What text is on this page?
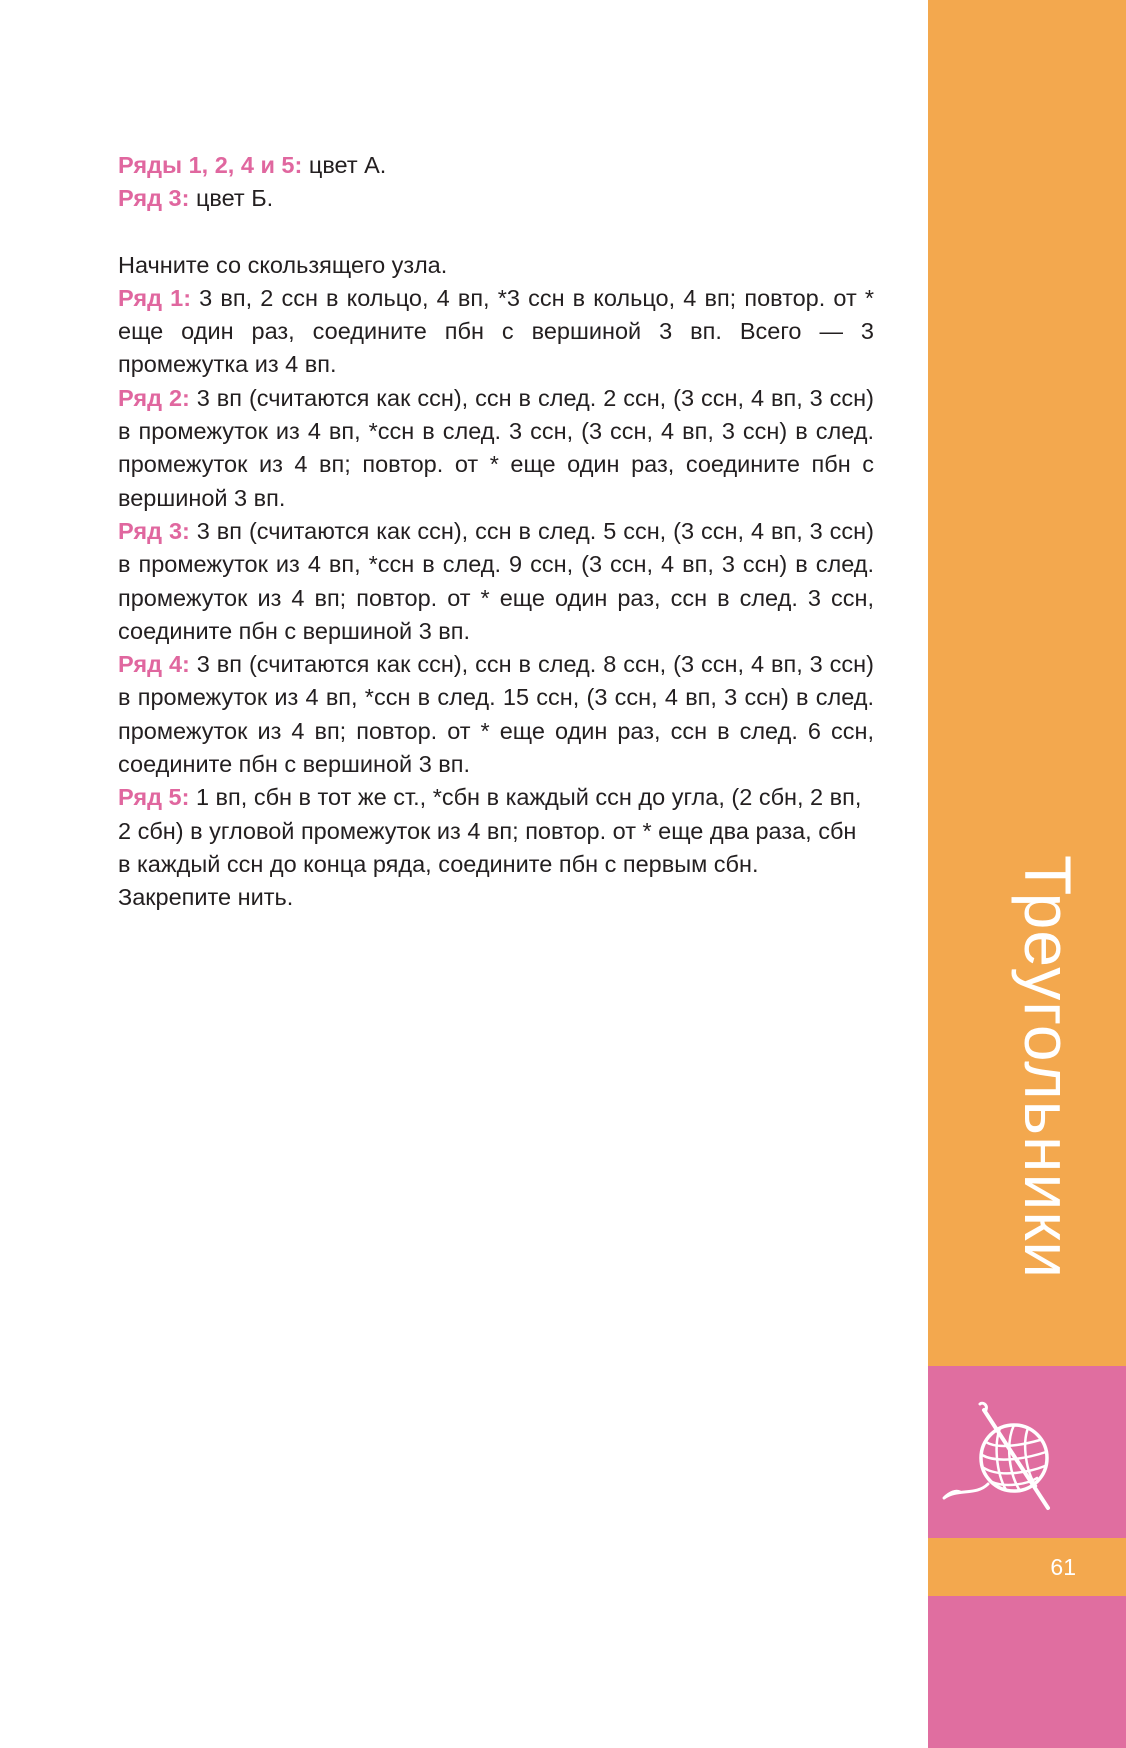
Ряды 1, 2, 4 и 5: цвет А.

Ряд 3: цвет Б.

Начните со скользящего узла.

Ряд 1: 3 вп, 2 ссн в кольцо, 4 вп, *3 ссн в кольцо, 4 вп; повтор. от * еще один раз, соедините пбн с вершиной 3 вп. Всего — 3 промежутка из 4 вп.

Ряд 2: 3 вп (считаются как ссн), ссн в след. 2 ссн, (3 ссн, 4 вп, 3 ссн) в промежуток из 4 вп, *ссн в след. 3 ссн, (3 ссн, 4 вп, 3 ссн) в след. промежуток из 4 вп; повтор. от * еще один раз, соедините пбн с вершиной 3 вп.

Ряд 3: 3 вп (считаются как ссн), ссн в след. 5 ссн, (3 ссн, 4 вп, 3 ссн) в промежуток из 4 вп, *ссн в след. 9 ссн, (3 ссн, 4 вп, 3 ссн) в след. промежуток из 4 вп; повтор. от * еще один раз, ссн в след. 3 ссн, соедините пбн с вершиной 3 вп.

Ряд 4: 3 вп (считаются как ссн), ссн в след. 8 ссн, (3 ссн, 4 вп, 3 ссн) в промежуток из 4 вп, *ссн в след. 15 ссн, (3 ссн, 4 вп, 3 ссн) в след. промежуток из 4 вп; повтор. от * еще один раз, ссн в след. 6 ссн, соедините пбн с вершиной 3 вп.

Ряд 5: 1 вп, сбн в тот же ст., *сбн в каждый ссн до угла, (2 сбн, 2 вп, 2 сбн) в угловой промежуток из 4 вп; повтор. от * еще два раза, сбн в каждый ссн до конца ряда, соедините пбн с первым сбн. Закрепите нить.	Треугольники
61
